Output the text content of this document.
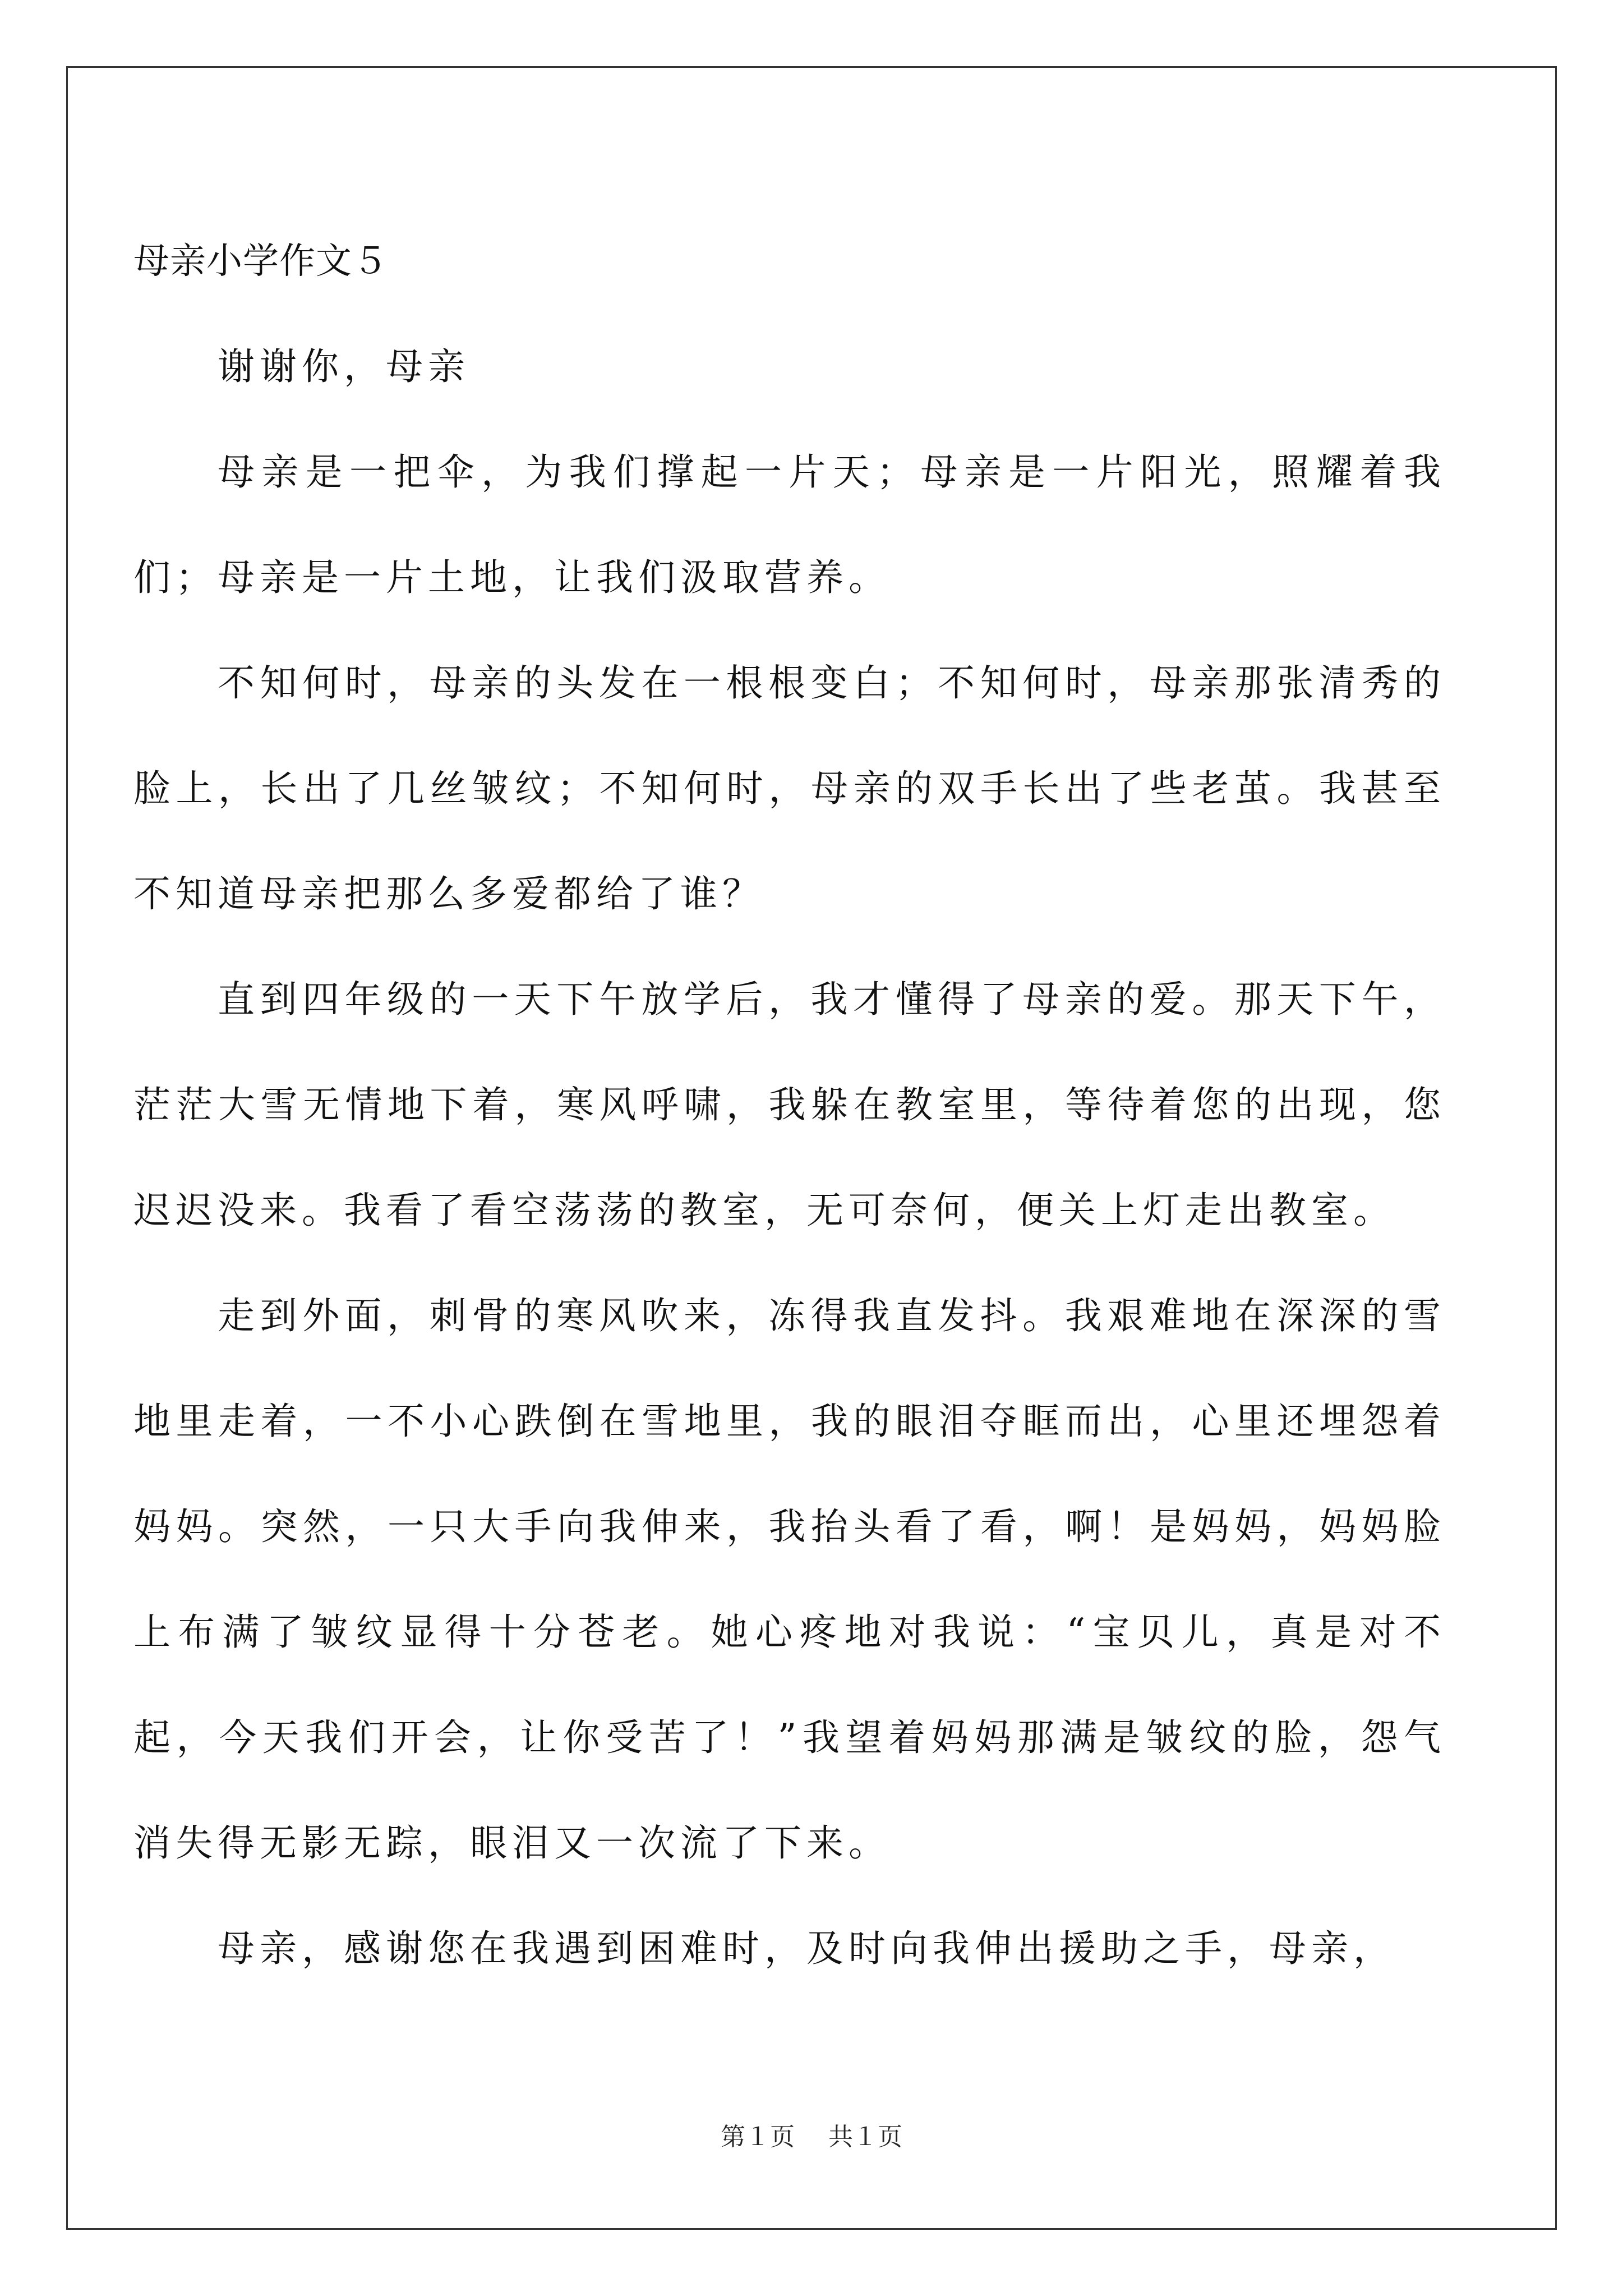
母亲小学作文５

谢谢你，母亲

母亲是一把伞，为我们撑起一片天；母亲是一片阳光，照耀着我们；母亲是一片土地，让我们汲取营养。

不知何时，母亲的头发在一根根变白；不知何时，母亲那张清秀的脸上，长出了几丝皱纹；不知何时，母亲的双手长出了些老茧。我甚至不知道母亲把那么多爱都给了谁？

直到四年级的一天下午放学后，我才懂得了母亲的爱。那天下午，茫茫大雪无情地下着，寒风呼啸，我躲在教室里，等待着您的出现，您迟迟没来。我看了看空荡荡的教室，无可奈何，便关上灯走出教室。

走到外面，刺骨的寒风吹来，冻得我直发抖。我艰难地在深深的雪地里走着，一不小心跌倒在雪地里，我的眼泪夺眶而出，心里还埋怨着妈妈。突然，一只大手向我伸来，我抬头看了看，啊！是妈妈，妈妈脸上布满了皱纹显得十分苍老。她心疼地对我说：“宝贝儿，真是对不起，今天我们开会，让你受苦了！”我望着妈妈那满是皱纹的脸，怨气消失得无影无踪，眼泪又一次流了下来。

母亲，感谢您在我遇到困难时，及时向我伸出援助之手，母亲，

第１页 共１页
